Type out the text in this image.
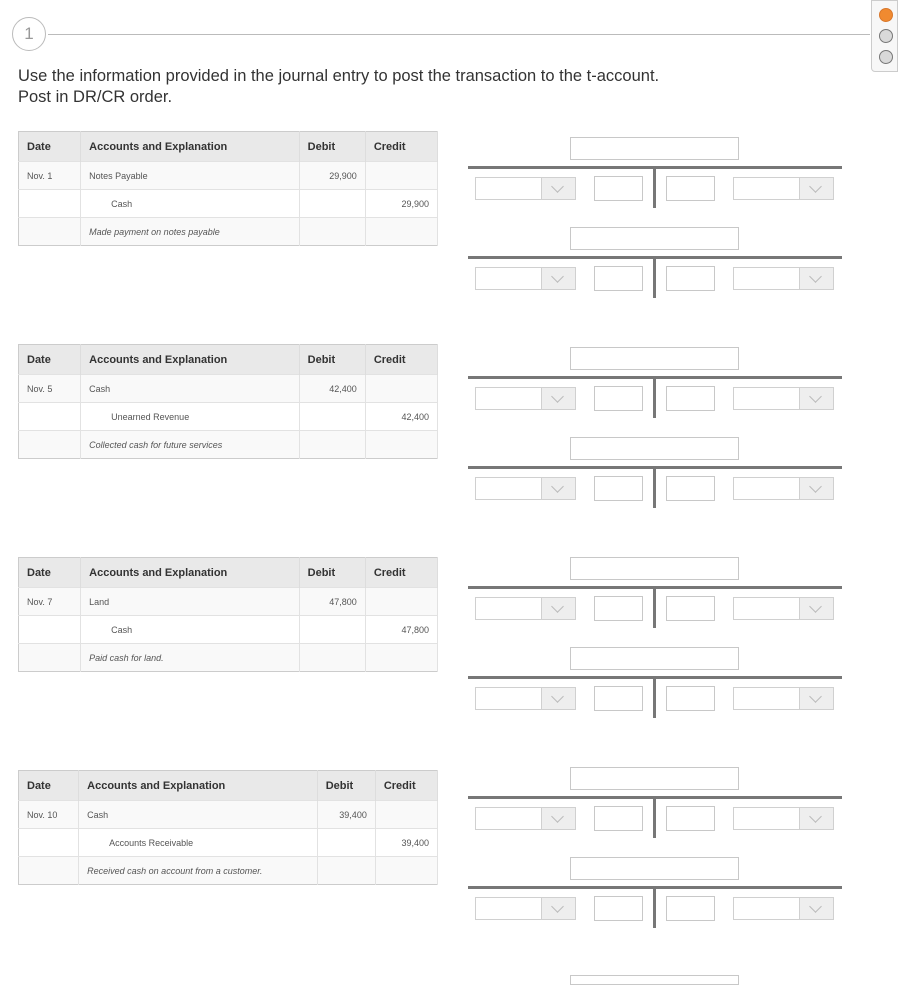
1
Use the information provided in the journal entry to post the transaction to the t-account.
Post in DR/CR order.
Date	Accounts and Explanation	Debit	Credit
Nov. 1	Notes Payable	29,900	
	Cash		29,900
	Made payment on notes payable		
Date	Accounts and Explanation	Debit	Credit
Nov. 5	Cash	42,400	
	Unearned Revenue		42,400
	Collected cash for future services		
Date	Accounts and Explanation	Debit	Credit
Nov. 7	Land	47,800	
	Cash		47,800
	Paid cash for land.		
Date	Accounts and Explanation	Debit	Credit
Nov. 10	Cash	39,400	
	Accounts Receivable		39,400
	Received cash on account from a customer.		
